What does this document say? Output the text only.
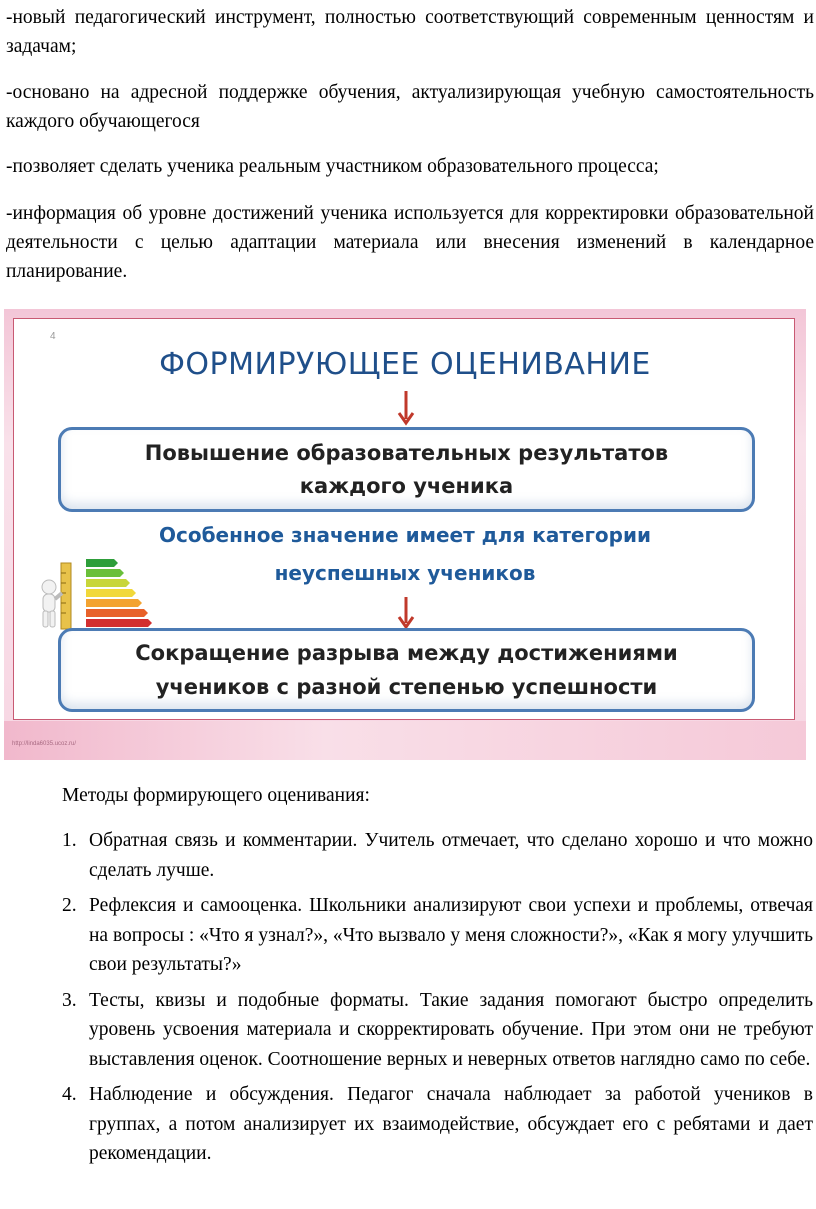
-новый педагогический инструмент, полностью соответствующий современным ценностям и задачам;

-основано на адресной поддержке обучения, актуализирующая учебную самостоятельность каждого обучающегося

-позволяет сделать ученика реальным участником образовательного процесса;

-информация об уровне достижений ученика используется для корректировки образовательной деятельности с целью адаптации материала или внесения изменений в календарное планирование.

4
ФОРМИРУЮЩЕЕ ОЦЕНИВАНИЕ
Повышение образовательных результатов
каждого ученика
Особенное значение имеет для категории
неуспешных учеников
Сокращение разрыва между достижениями
учеников с разной степенью успешности
http://linda6035.ucoz.ru/
Методы формирующего оценивания:
1. Обратная связь и комментарии. Учитель отмечает, что сделано хорошо и что можно сделать лучше.
2. Рефлексия и самооценка. Школьники анализируют свои успехи и проблемы, отвечая на вопросы : «Что я узнал?», «Что вызвало у меня сложности?», «Как я могу улучшить свои результаты?»
3. Тесты, квизы и подобные форматы. Такие задания помогают быстро определить уровень усвоения материала и скорректировать обучение. При этом они не требуют выставления оценок. Соотношение верных и неверных ответов наглядно само по себе.
4. Наблюдение и обсуждения. Педагог сначала наблюдает за работой учеников в группах, а потом анализирует их взаимодействие, обсуждает его с ребятами и дает рекомендации.
